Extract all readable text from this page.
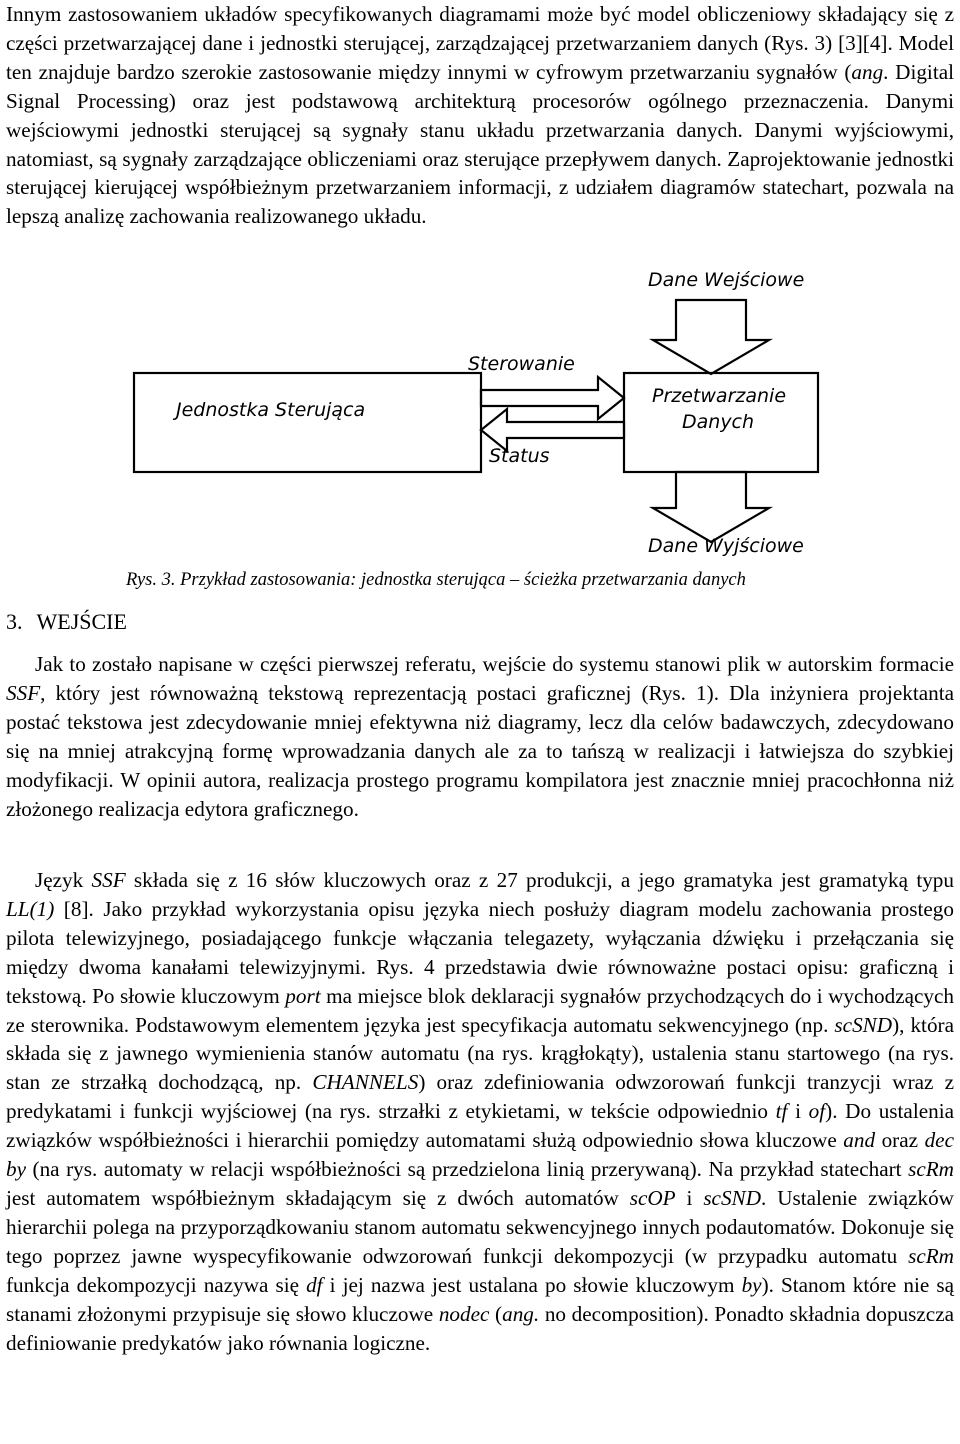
Innym zastosowaniem układów specyfikowanych diagramami może być model obliczeniowy składający się z części przetwarzającej dane i jednostki sterującej, zarządzającej przetwarzaniem danych (Rys. 3) [3][4]. Model ten znajduje bardzo szerokie zastosowanie między innymi w cyfrowym przetwarzaniu sygnałów (ang. Digital Signal Processing) oraz jest podstawową architekturą procesorów ogólnego przeznaczenia. Danymi wejściowymi jednostki sterującej są sygnały stanu układu przetwarzania danych. Danymi wyjściowymi, natomiast, są sygnały zarządzające obliczeniami oraz sterujące przepływem danych. Zaprojektowanie jednostki sterującej kierującej współbieżnym przetwarzaniem informacji, z udziałem diagramów statechart, pozwala na lepszą analizę zachowania realizowanego układu.

Dane Wejściowe
Sterowanie
Jednostka Sterująca
Przetwarzanie
Danych
Status
Dane Wyjściowe
Rys. 3. Przykład zastosowania: jednostka sterująca – ścieżka przetwarzania danych
3. WEJŚCIE

Jak to zostało napisane w części pierwszej referatu, wejście do systemu stanowi plik w autorskim formacie SSF, który jest równoważną tekstową reprezentacją postaci graficznej (Rys. 1). Dla inżyniera projektanta postać tekstowa jest zdecydowanie mniej efektywna niż diagramy, lecz dla celów badawczych, zdecydowano się na mniej atrakcyjną formę wprowadzania danych ale za to tańszą w realizacji i łatwiejsza do szybkiej modyfikacji. W opinii autora, realizacja prostego programu kompilatora jest znacznie mniej pracochłonna niż złożonego realizacja edytora graficznego.

Język SSF składa się z 16 słów kluczowych oraz z 27 produkcji, a jego gramatyka jest gramatyką typu LL(1) [8]. Jako przykład wykorzystania opisu języka niech posłuży diagram modelu zachowania prostego pilota telewizyjnego, posiadającego funkcje włączania telegazety, wyłączania dźwięku i przełączania się między dwoma kanałami telewizyjnymi. Rys. 4 przedstawia dwie równoważne postaci opisu: graficzną i tekstową. Po słowie kluczowym port ma miejsce blok deklaracji sygnałów przychodzących do i wychodzących ze sterownika. Podstawowym elementem języka jest specyfikacja automatu sekwencyjnego (np. scSND), która składa się z jawnego wymienienia stanów automatu (na rys. krągłokąty), ustalenia stanu startowego (na rys. stan ze strzałką dochodzącą, np. CHANNELS) oraz zdefiniowania odwzorowań funkcji tranzycji wraz z predykatami i funkcji wyjściowej (na rys. strzałki z etykietami, w tekście odpowiednio tf i of). Do ustalenia związków współbieżności i hierarchii pomiędzy automatami służą odpowiednio słowa kluczowe and oraz dec by (na rys. automaty w relacji współbieżności są przedzielona linią przerywaną). Na przykład statechart scRm jest automatem współbieżnym składającym się z dwóch automatów scOP i scSND. Ustalenie związków hierarchii polega na przyporządkowaniu stanom automatu sekwencyjnego innych podautomatów. Dokonuje się tego poprzez jawne wyspecyfikowanie odwzorowań funkcji dekompozycji (w przypadku automatu scRm funkcja dekompozycji nazywa się df i jej nazwa jest ustalana po słowie kluczowym by). Stanom które nie są stanami złożonymi przypisuje się słowo kluczowe nodec (ang. no decomposition). Ponadto składnia dopuszcza definiowanie predykatów jako równania logiczne.
